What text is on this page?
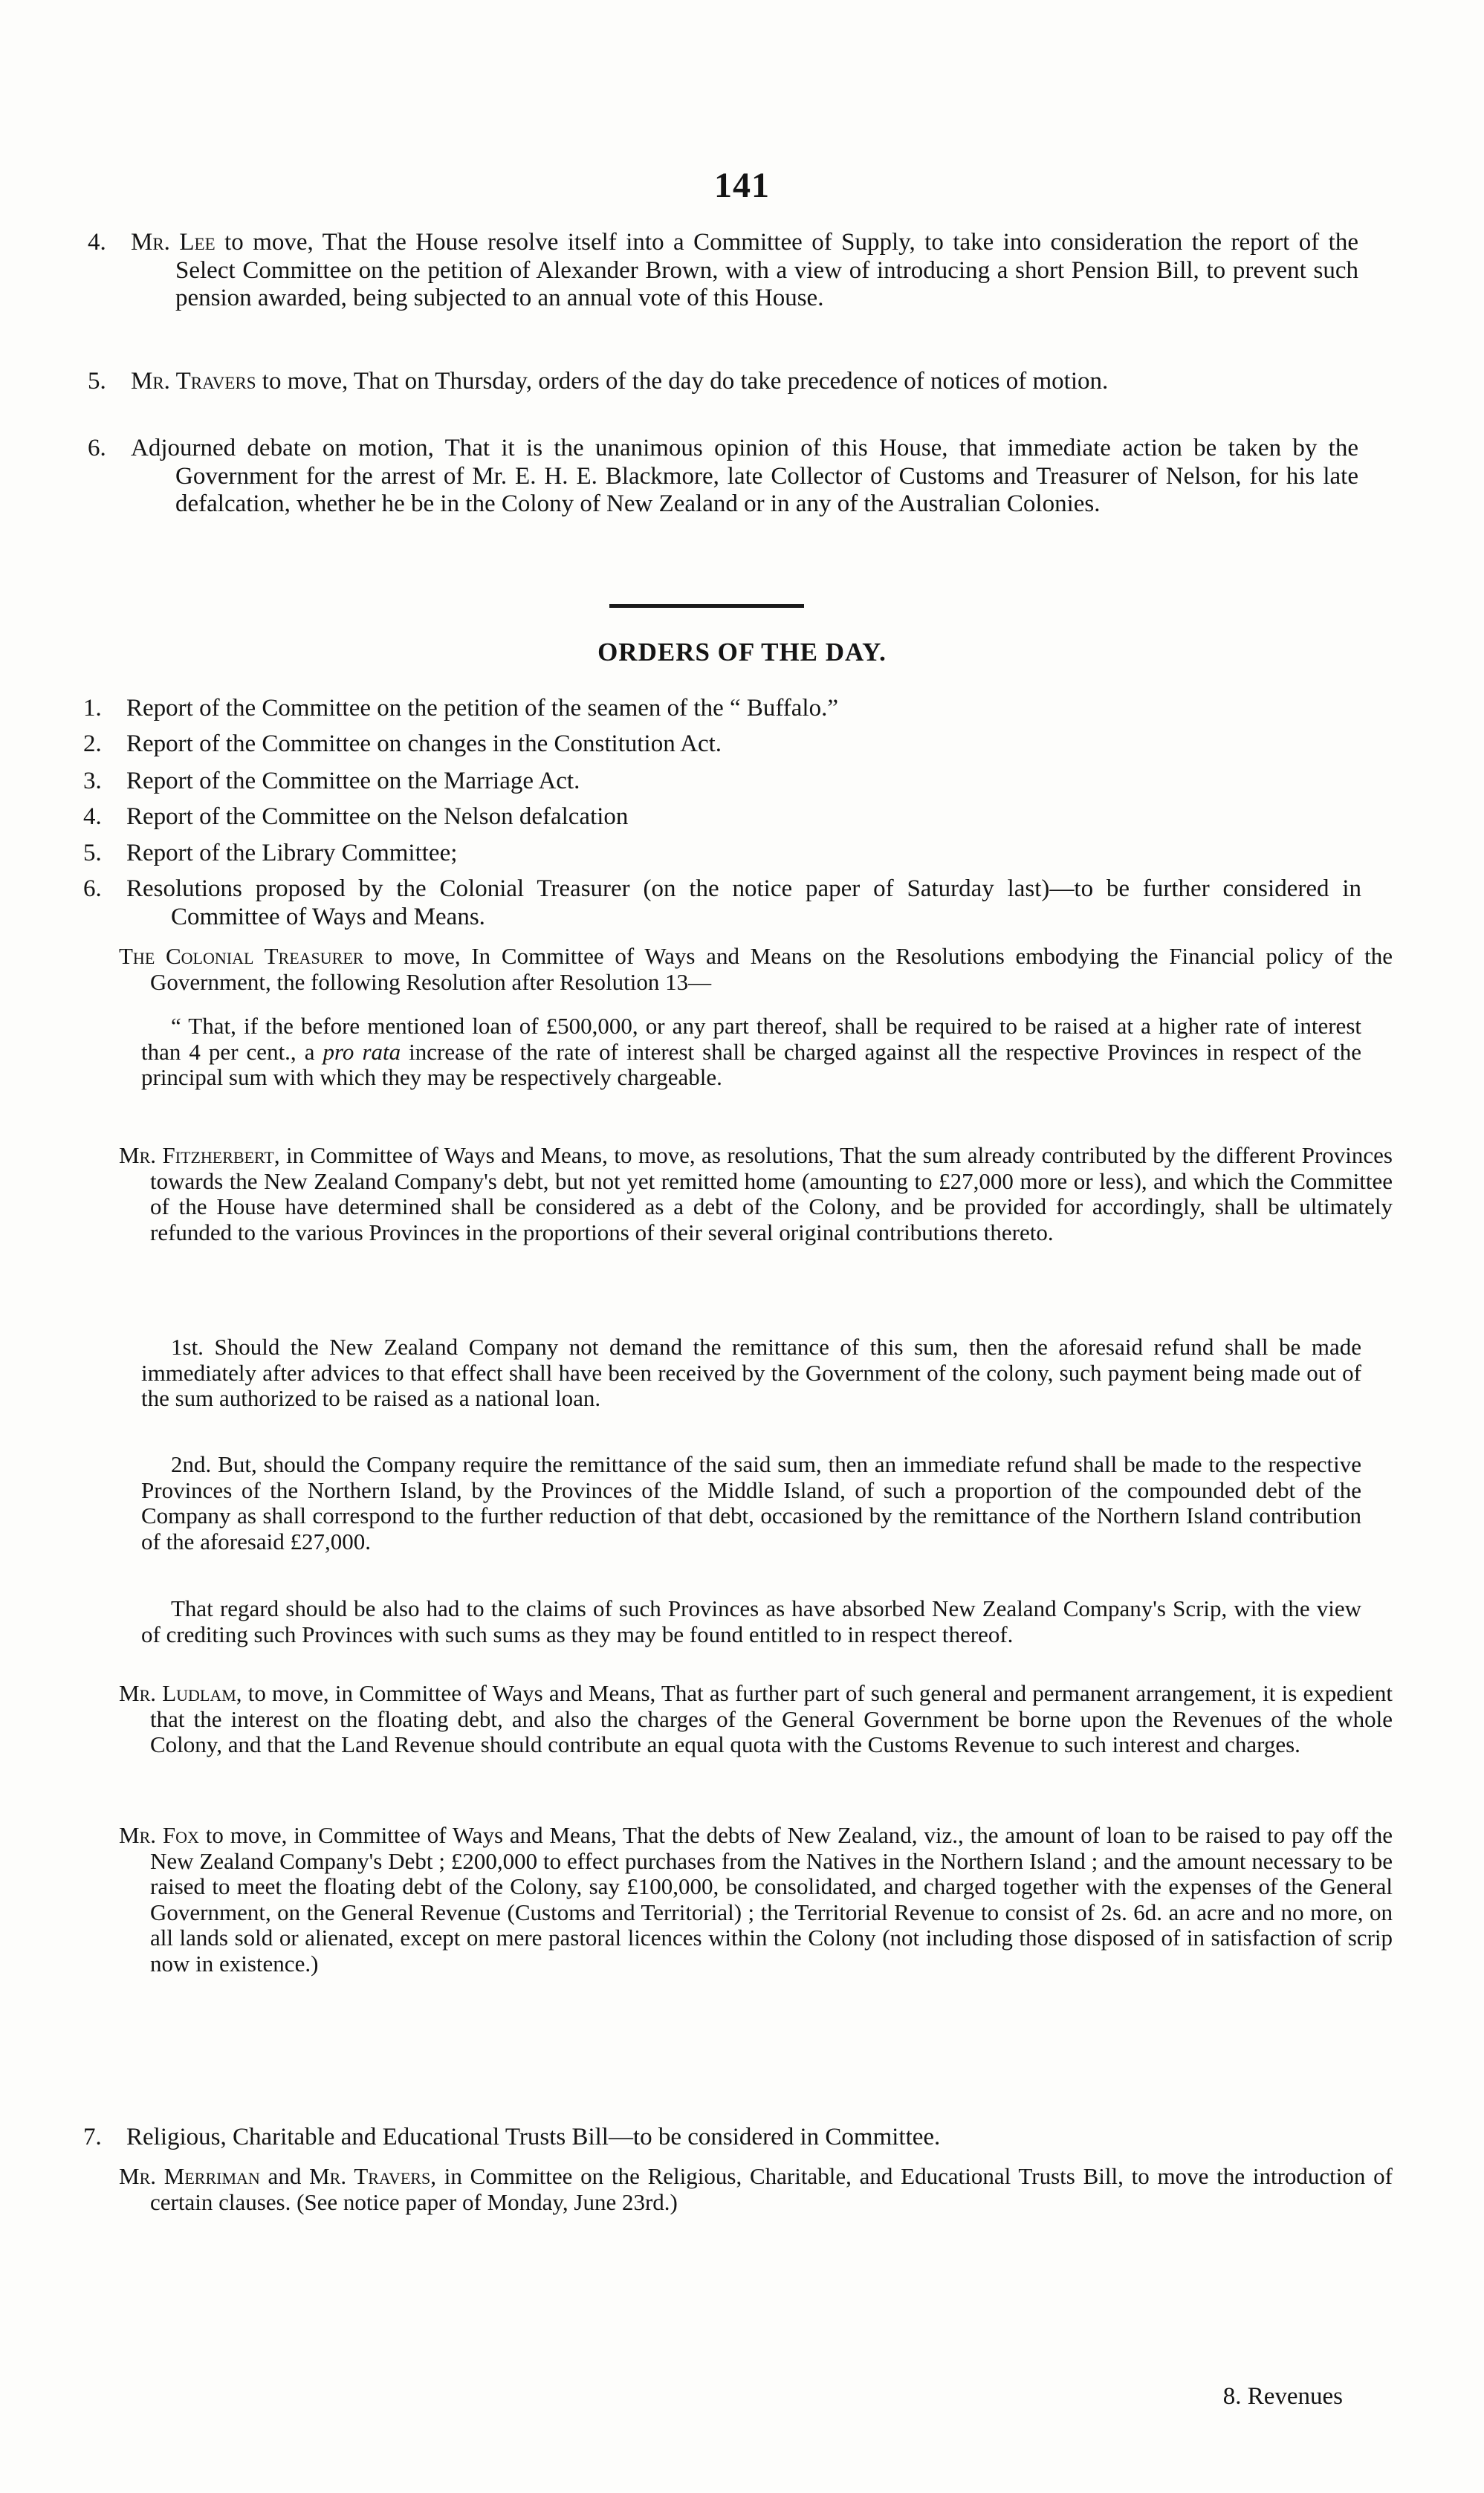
141
4.	Mr. Lee to move, That the House resolve itself into a Committee of Supply, to take into consideration the report of the Select Committee on the petition of Alexander Brown, with a view of introducing a short Pension Bill, to prevent such pension awarded, being subjected to an annual vote of this House.
5.	Mr. Travers to move, That on Thursday, orders of the day do take precedence of notices of motion.
6.	Adjourned debate on motion, That it is the unanimous opinion of this House, that immediate action be taken by the Government for the arrest of Mr. E. H. E. Blackmore, late Collector of Customs and Treasurer of Nelson, for his late defalcation, whether he be in the Colony of New Zealand or in any of the Australian Colonies.
ORDERS OF THE DAY.
1. Report of the Committee on the petition of the seamen of the “ Buffalo.”
2. Report of the Committee on changes in the Constitution Act.
3. Report of the Committee on the Marriage Act.
4. Report of the Committee on the Nelson defalcation
5. Report of the Library Committee;
6. Resolutions proposed by the Colonial Treasurer (on the notice paper of Saturday last)—to be further considered in Committee of Ways and Means.
The Colonial Treasurer to move, In Committee of Ways and Means on the Resolutions embodying the Financial policy of the Government, the following Resolution after Resolution 13—
“ That, if the before mentioned loan of £500,000, or any part thereof, shall be required to be raised at a higher rate of interest than 4 per cent., a pro rata increase of the rate of interest shall be charged against all the respective Provinces in respect of the principal sum with which they may be respectively chargeable.
Mr. Fitzherbert, in Committee of Ways and Means, to move, as resolutions, That the sum already contributed by the different Provinces towards the New Zealand Company's debt, but not yet remitted home (amounting to £27,000 more or less), and which the Committee of the House have determined shall be considered as a debt of the Colony, and be provided for accordingly, shall be ultimately refunded to the various Provinces in the proportions of their several original contributions thereto.
1st. Should the New Zealand Company not demand the remittance of this sum, then the aforesaid refund shall be made immediately after advices to that effect shall have been received by the Government of the colony, such payment being made out of the sum authorized to be raised as a national loan.
2nd. But, should the Company require the remittance of the said sum, then an immediate refund shall be made to the respective Provinces of the Northern Island, by the Provinces of the Middle Island, of such a proportion of the compounded debt of the Company as shall correspond to the further reduction of that debt, occasioned by the remittance of the Northern Island contribution of the aforesaid £27,000.
That regard should be also had to the claims of such Provinces as have absorbed New Zealand Company's Scrip, with the view of crediting such Provinces with such sums as they may be found entitled to in respect thereof.
Mr. Ludlam, to move, in Committee of Ways and Means, That as further part of such general and permanent arrangement, it is expedient that the interest on the floating debt, and also the charges of the General Government be borne upon the Revenues of the whole Colony, and that the Land Revenue should contribute an equal quota with the Customs Revenue to such interest and charges.
Mr. Fox to move, in Committee of Ways and Means, That the debts of New Zealand, viz., the amount of loan to be raised to pay off the New Zealand Company's Debt ; £200,000 to effect purchases from the Natives in the Northern Island ; and the amount necessary to be raised to meet the floating debt of the Colony, say £100,000, be consolidated, and charged together with the expenses of the General Government, on the General Revenue (Customs and Territorial) ; the Territorial Revenue to consist of 2s. 6d. an acre and no more, on all lands sold or alienated, except on mere pastoral licences within the Colony (not including those disposed of in satisfaction of scrip now in existence.)
7. Religious, Charitable and Educational Trusts Bill—to be considered in Committee.
Mr. Merriman and Mr. Travers, in Committee on the Religious, Charitable, and Educational Trusts Bill, to move the introduction of certain clauses. (See notice paper of Monday, June 23rd.)
8. Revenues
